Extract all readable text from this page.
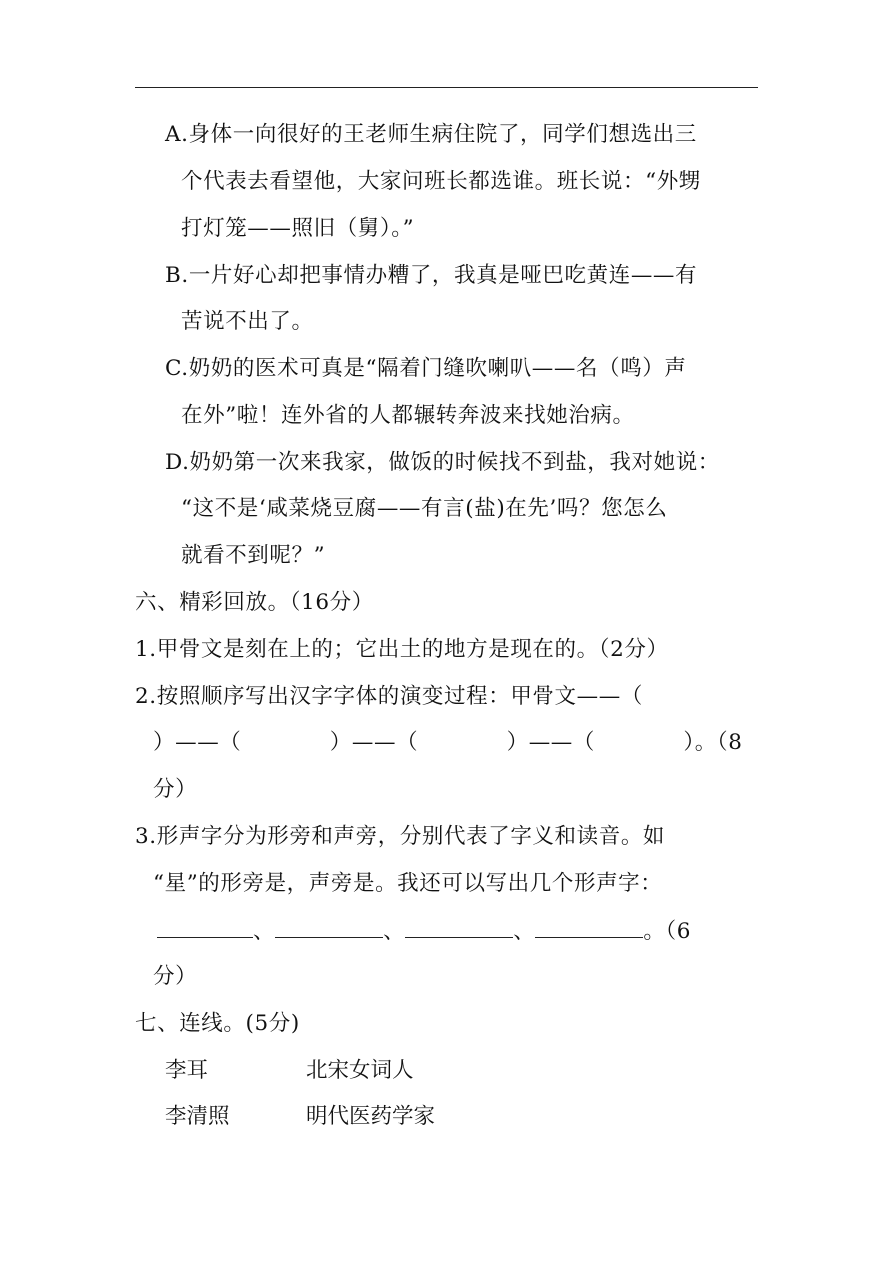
A.身体一向很好的王老师生病住院了，同学们想选出三
个代表去看望他，大家问班长都选谁。班长说：“外甥
打灯笼——照旧（舅）。”
B.一片好心却把事情办糟了，我真是哑巴吃黄连——有
苦说不出了。
C.奶奶的医术可真是“隔着门缝吹喇叭——名（鸣）声
在外”啦！连外省的人都辗转奔波来找她治病。
D.奶奶第一次来我家，做饭的时候找不到盐，我对她说：
“这不是‘咸菜烧豆腐——有言(盐)在先’吗？您怎么
就看不到呢？”
六、精彩回放。（16分）
1.甲骨文是刻在上的；它出土的地方是现在的。（2分）
2.按照顺序写出汉字字体的演变过程：甲骨文——（
）——（　　　　）——（　　　　）——（　　　　）。（8
分）
3.形声字分为形旁和声旁，分别代表了字义和读音。如
“星”的形旁是，声旁是。我还可以写出几个形声字：
、	、	、	。（6
分）
七、连线。(5分)
李耳	北宋女词人
李清照	明代医药学家
